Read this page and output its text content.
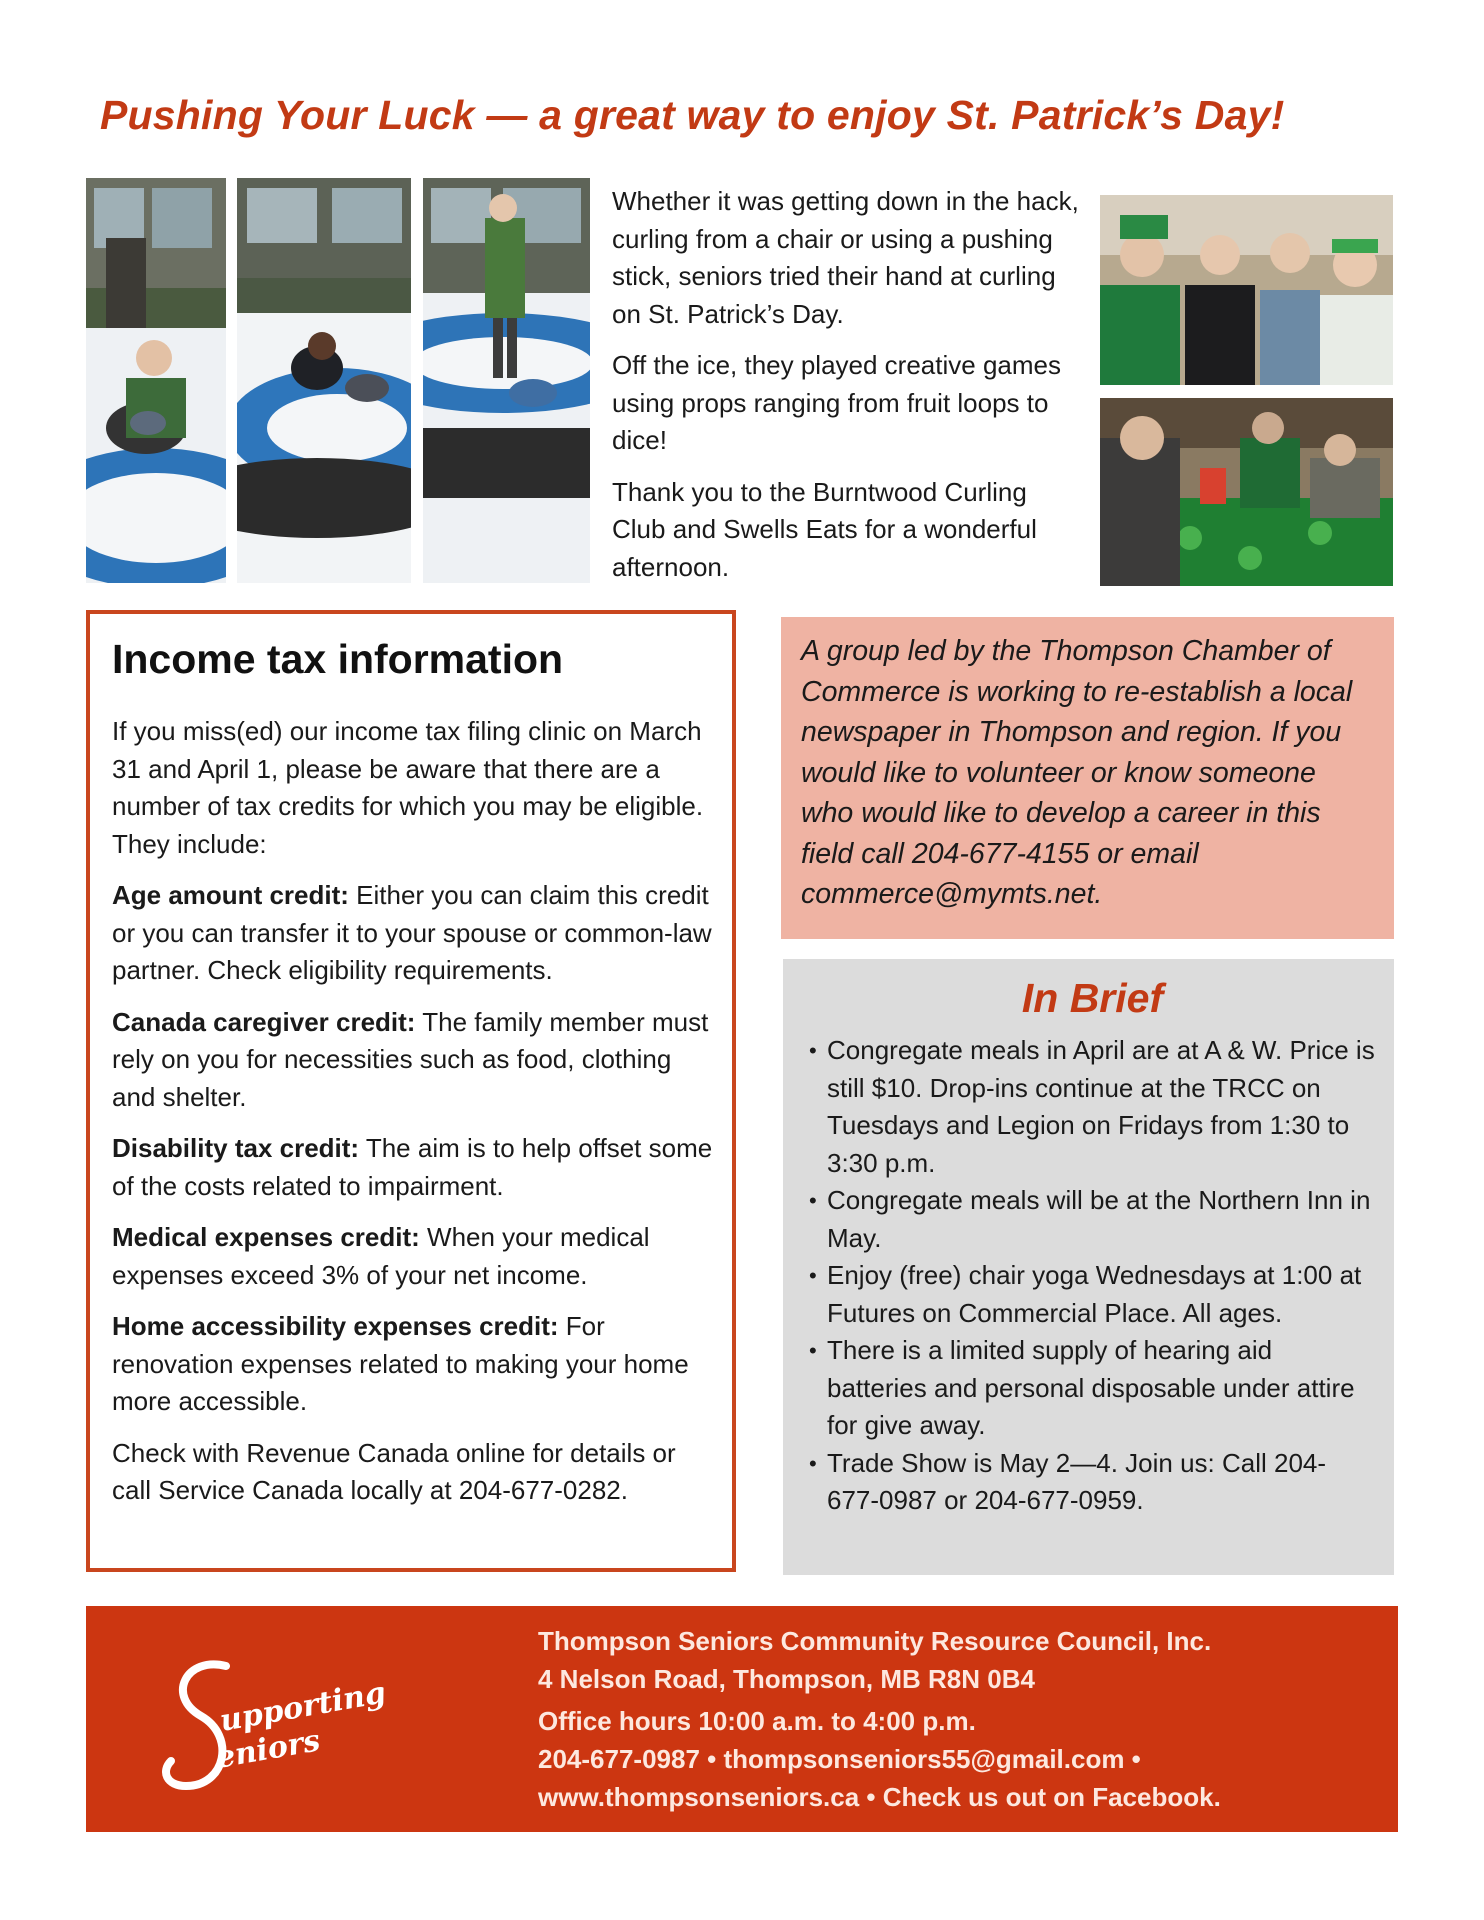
Pushing Your Luck — a great way to enjoy St. Patrick’s Day!

Whether it was getting down in the hack, curling from a chair or using a pushing stick, seniors tried their hand at curling on St. Patrick’s Day.

Off the ice, they played creative games using props ranging from fruit loops to dice!

Thank you to the Burntwood Curling Club and Swells Eats for a wonderful afternoon.

Income tax information

If you miss(ed) our income tax filing clinic on March 31 and April 1, please be aware that there are a number of tax credits for which you may be eligible. They include:

Age amount credit: Either you can claim this credit or you can transfer it to your spouse or common-law partner. Check eligibility requirements.

Canada caregiver credit: The family member must rely on you for necessities such as food, clothing and shelter.

Disability tax credit: The aim is to help offset some of the costs related to impairment.

Medical expenses credit: When your medical expenses exceed 3% of your net income.

Home accessibility expenses credit: For renovation expenses related to making your home more accessible.

Check with Revenue Canada online for details or call Service Canada locally at 204-677-0282.

A group led by the Thompson Chamber of Commerce is working to re-establish a local newspaper in Thompson and region. If you would like to volunteer or know someone who would like to develop a career in this field call 204-677-4155 or email commerce@mymts.net.
In Brief
• Congregate meals in April are at A & W. Price is still $10. Drop-ins continue at the TRCC on Tuesdays and Legion on Fridays from 1:30 to 3:30 p.m.
• Congregate meals will be at the Northern Inn in May.
• Enjoy (free) chair yoga Wednesdays at 1:00 at Futures on Commercial Place. All ages.
• There is a limited supply of hearing aid batteries and personal disposable under attire for give away.
• Trade Show is May 2—4. Join us: Call 204-677-0987 or 204-677-0959.
upporting
eniors
Thompson Seniors Community Resource Council, Inc.
4 Nelson Road, Thompson, MB R8N 0B4
Office hours 10:00 a.m. to 4:00 p.m.
204-677-0987 • thompsonseniors55@gmail.com •
www.thompsonseniors.ca • Check us out on Facebook.
